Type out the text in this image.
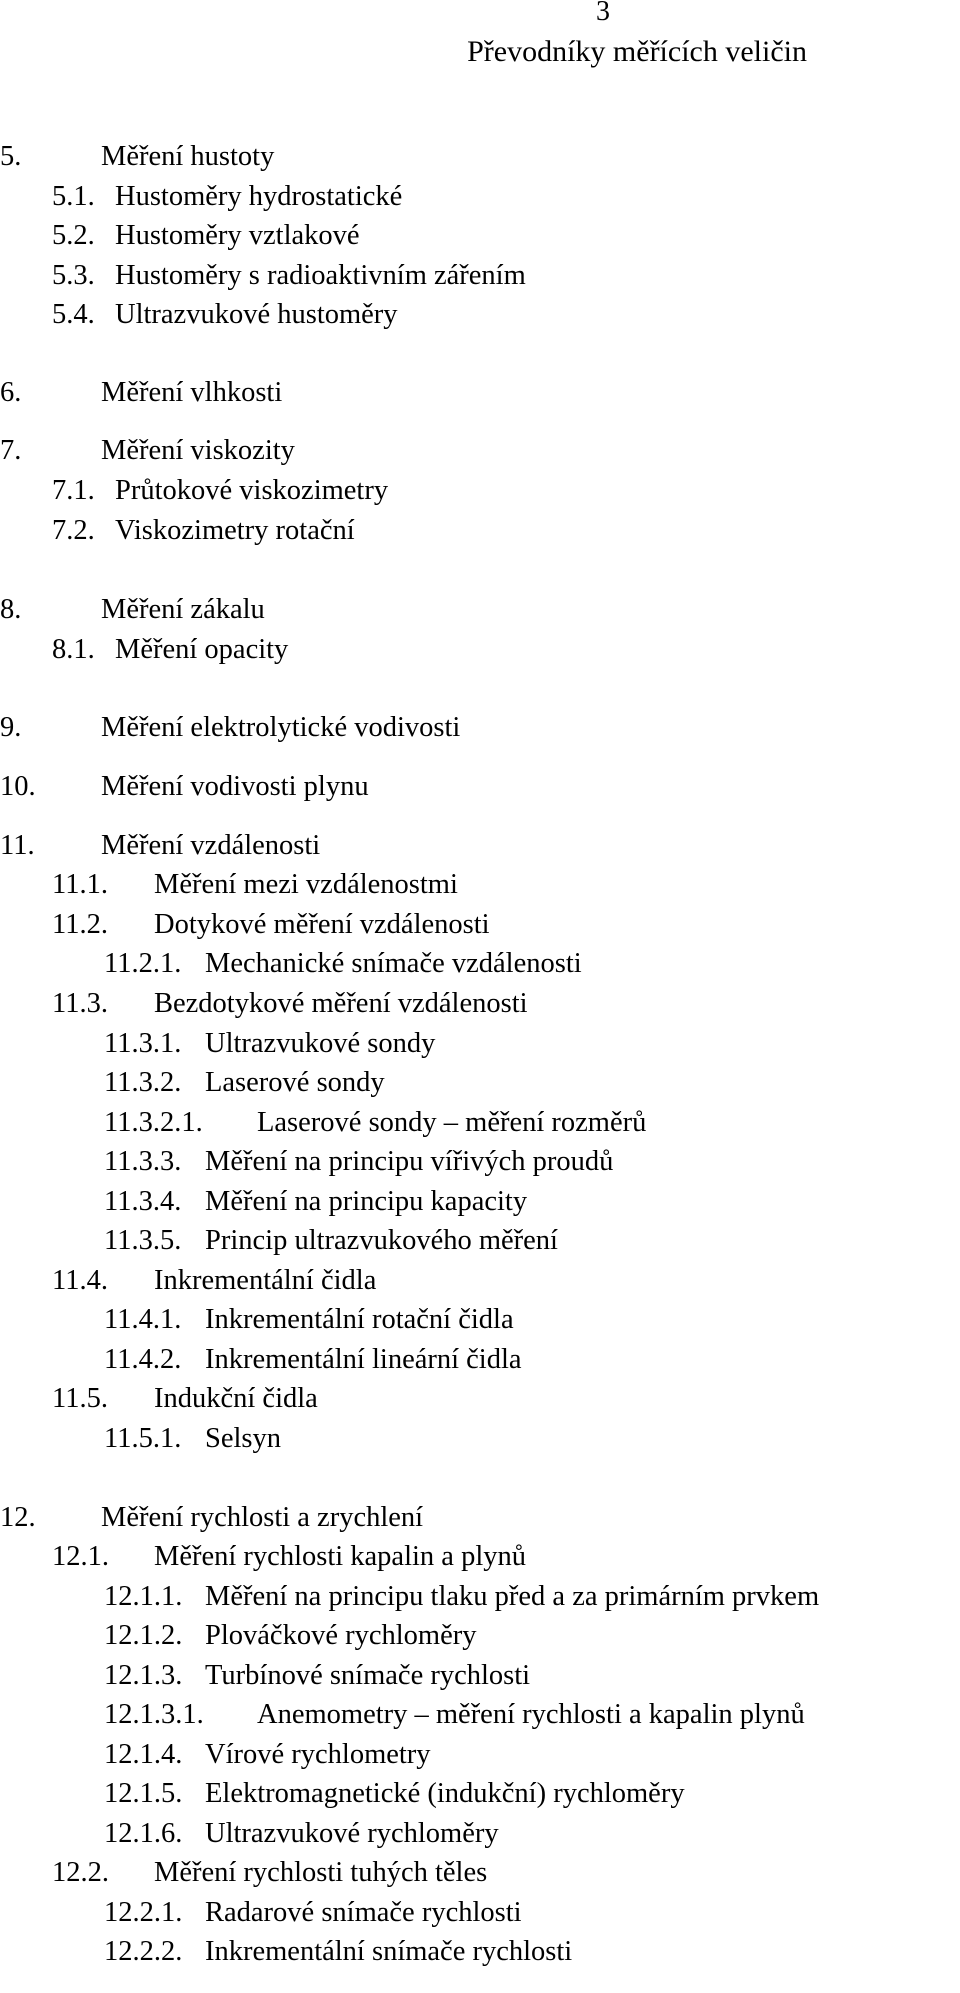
3
Převodníky měřících veličin
5.	Měření hustoty
5.1. Hustoměry hydrostatické
5.2. Hustoměry vztlakové
5.3. Hustoměry s radioaktivním zářením
5.4. Ultrazvukové hustoměry
6.	Měření vlhkosti
7.	Měření viskozity
7.1. Průtokové viskozimetry
7.2. Viskozimetry rotační
8.	Měření zákalu
8.1. Měření opacity
9.	Měření elektrolytické vodivosti
10. Měření vodivosti plynu
11. Měření vzdálenosti
11.1. Měření mezi vzdálenostmi
11.2. Dotykové měření vzdálenosti
11.2.1. Mechanické snímače vzdálenosti
11.3. Bezdotykové měření vzdálenosti
11.3.1. Ultrazvukové sondy
11.3.2. Laserové sondy
11.3.2.1. Laserové sondy – měření rozměrů
11.3.3. Měření na principu vířivých proudů
11.3.4. Měření na principu kapacity
11.3.5. Princip ultrazvukového měření
11.4. Inkrementální čidla
11.4.1. Inkrementální rotační čidla
11.4.2. Inkrementální lineární čidla
11.5. Indukční čidla
11.5.1. Selsyn
12. Měření rychlosti a zrychlení
12.1. Měření rychlosti kapalin a plynů
12.1.1. Měření na principu tlaku před a za primárním prvkem
12.1.2. Plováčkové rychloměry
12.1.3. Turbínové snímače rychlosti
12.1.3.1. Anemometry – měření rychlosti a kapalin plynů
12.1.4. Vírové rychlometry
12.1.5. Elektromagnetické (indukční) rychloměry
12.1.6. Ultrazvukové rychloměry
12.2. Měření rychlosti tuhých těles
12.2.1. Radarové snímače rychlosti
12.2.2. Inkrementální snímače rychlosti
